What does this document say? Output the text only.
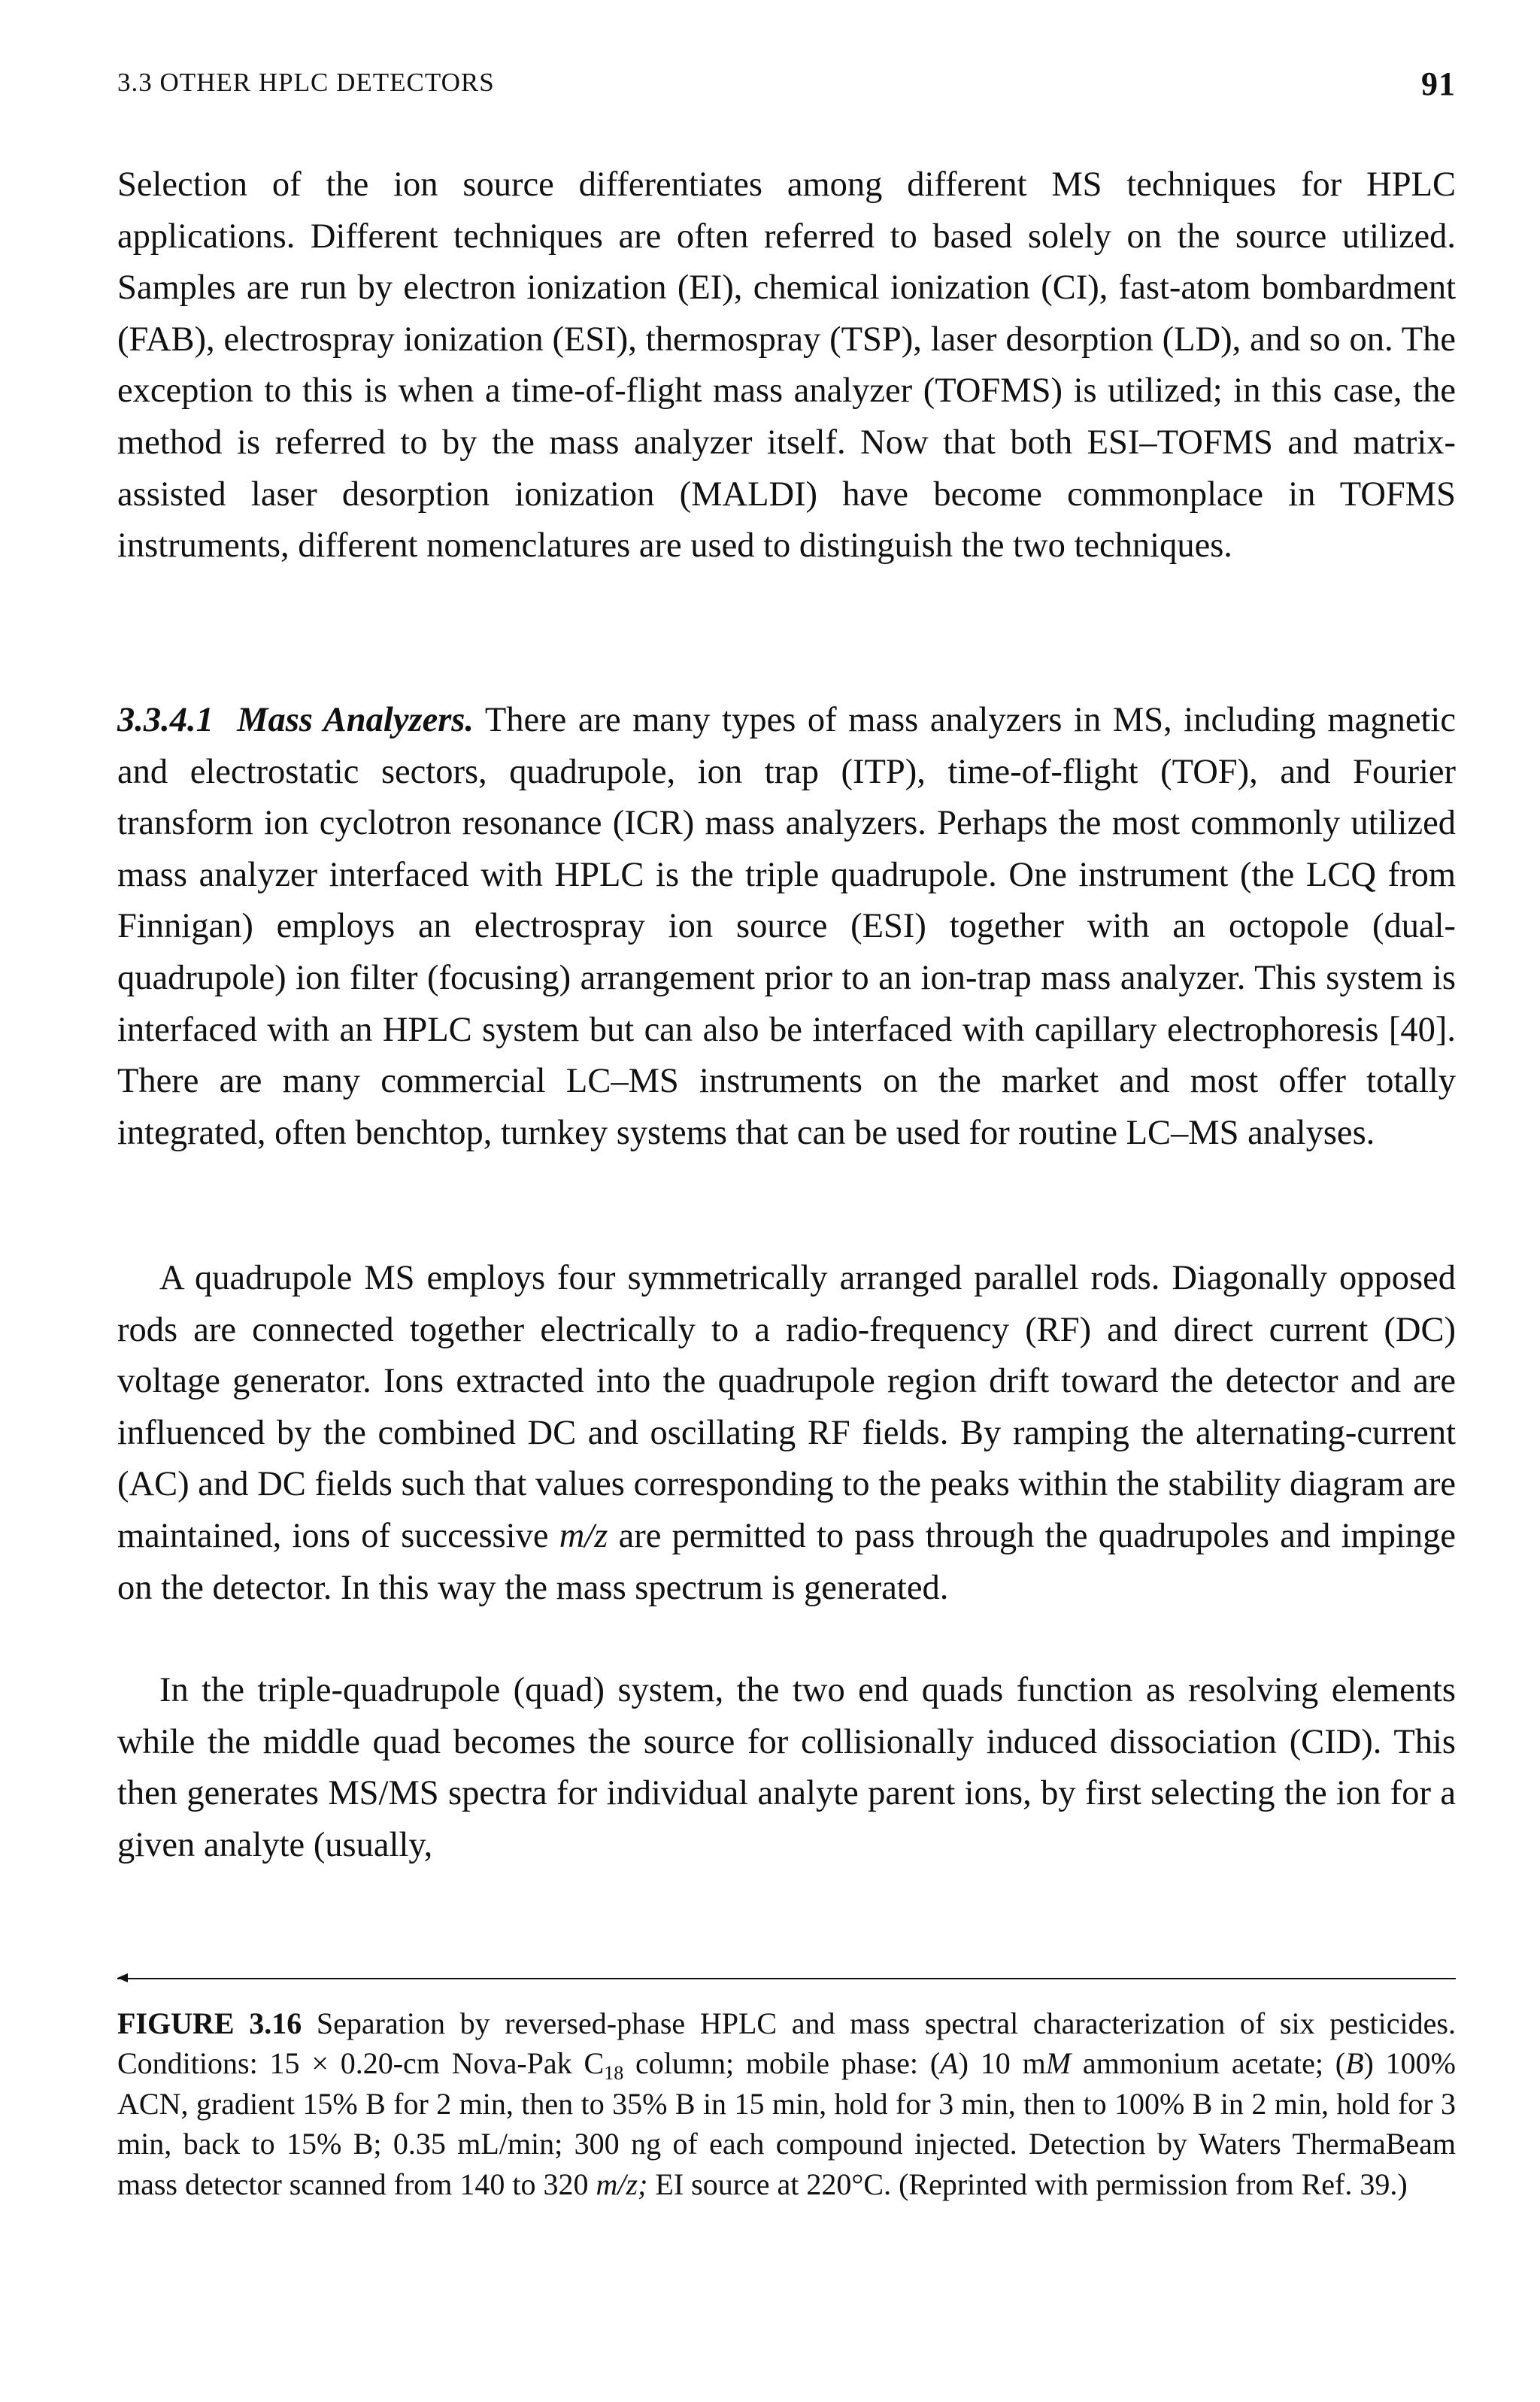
3.3 OTHER HPLC DETECTORS	91

Selection of the ion source differentiates among different MS techniques for HPLC applications. Different techniques are often referred to based solely on the source utilized. Samples are run by electron ionization (EI), chemical ionization (CI), fast-atom bombardment (FAB), electrospray ionization (ESI), thermospray (TSP), laser desorption (LD), and so on. The exception to this is when a time-of-flight mass analyzer (TOFMS) is utilized; in this case, the method is referred to by the mass analyzer itself. Now that both ESI–TOFMS and matrix-assisted laser desorption ionization (MALDI) have become commonplace in TOFMS instruments, different nomenclatures are used to distinguish the two techniques.

3.3.4.1 Mass Analyzers. There are many types of mass analyzers in MS, including magnetic and electrostatic sectors, quadrupole, ion trap (ITP), time-of-flight (TOF), and Fourier transform ion cyclotron resonance (ICR) mass analyzers. Perhaps the most commonly utilized mass analyzer interfaced with HPLC is the triple quadrupole. One instrument (the LCQ from Finnigan) employs an electrospray ion source (ESI) together with an octopole (dual-quadrupole) ion filter (focusing) arrangement prior to an ion-trap mass analyzer. This system is interfaced with an HPLC system but can also be interfaced with capillary electrophoresis [40]. There are many commercial LC–MS instruments on the market and most offer totally integrated, often benchtop, turnkey systems that can be used for routine LC–MS analyses.

A quadrupole MS employs four symmetrically arranged parallel rods. Diagonally opposed rods are connected together electrically to a radio-frequency (RF) and direct current (DC) voltage generator. Ions extracted into the quadrupole region drift toward the detector and are influenced by the combined DC and oscillating RF fields. By ramping the alternating-current (AC) and DC fields such that values corresponding to the peaks within the stability diagram are maintained, ions of successive m/z are permitted to pass through the quadrupoles and impinge on the detector. In this way the mass spectrum is generated.

In the triple-quadrupole (quad) system, the two end quads function as resolving elements while the middle quad becomes the source for collisionally induced dissociation (CID). This then generates MS/MS spectra for individual analyte parent ions, by first selecting the ion for a given analyte (usually,

FIGURE 3.16 Separation by reversed-phase HPLC and mass spectral characterization of six pesticides. Conditions: 15 × 0.20-cm Nova-Pak $C_{18}$ column; mobile phase: (A) 10 mM ammonium acetate; (B) 100% ACN, gradient 15% B for 2 min, then to 35% B in 15 min, hold for 3 min, then to 100% B in 2 min, hold for 3 min, back to 15% B; 0.35 mL/min; 300 ng of each compound injected. Detection by Waters ThermaBeam mass detector scanned from 140 to 320 m/z; EI source at 220°C. (Reprinted with permission from Ref. 39.)
